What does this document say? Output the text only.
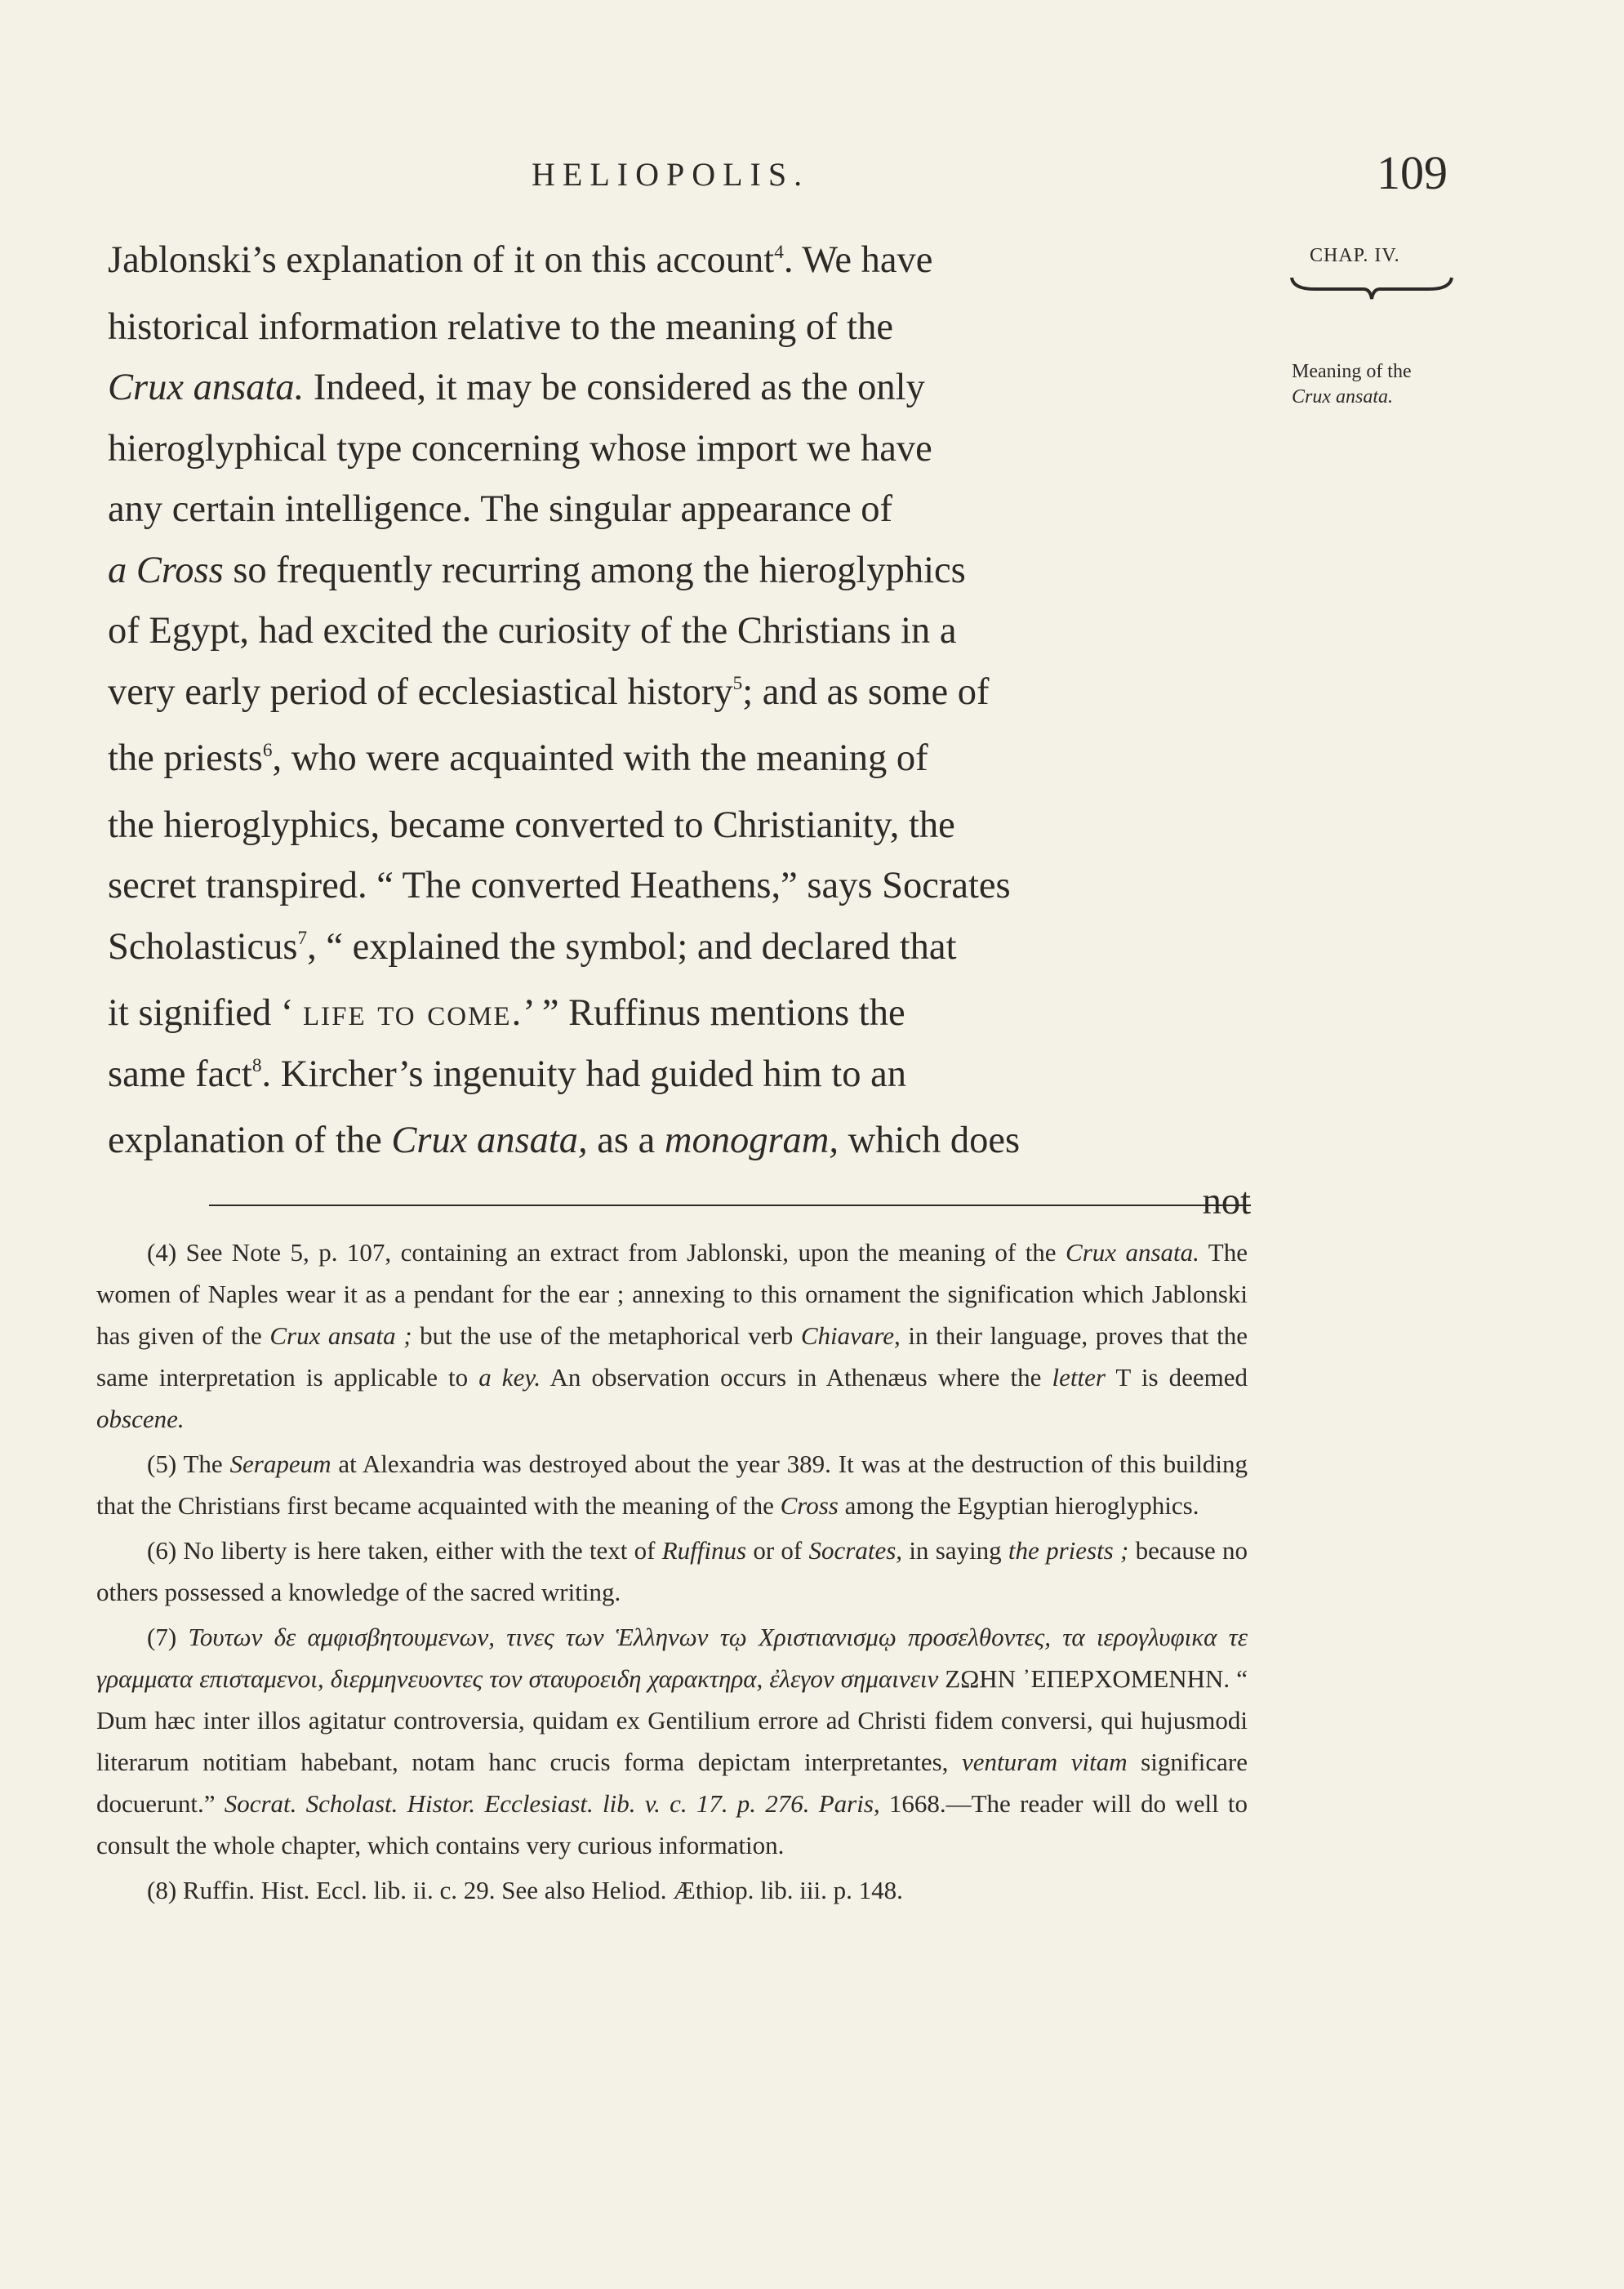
HELIOPOLIS.	109
CHAP. IV.
Meaning of the Crux ansata.
Jablonski’s explanation of it on this account$^4$. We have
historical information relative to the meaning of the
Crux ansata. Indeed, it may be considered as the only
hieroglyphical type concerning whose import we have
any certain intelligence. The singular appearance of
a Cross so frequently recurring among the hieroglyphics
of Egypt, had excited the curiosity of the Christians in a
very early period of ecclesiastical history$^5$; and as some of
the priests$^6$, who were acquainted with the meaning of
the hieroglyphics, became converted to Christianity, the
secret transpired. “ The converted Heathens,” says Socrates
Scholasticus$^7$, “ explained the symbol; and declared that
it signified ‘ life to come.’ ” Ruffinus mentions the
same fact$^8$. Kircher’s ingenuity had guided him to an
explanation of the Crux ansata, as a monogram, which does
not

(4) See Note 5, p. 107, containing an extract from Jablonski, upon the meaning of the Crux ansata. The women of Naples wear it as a pendant for the ear ; annexing to this ornament the signification which Jablonski has given of the Crux ansata ; but the use of the metaphorical verb Chiavare, in their language, proves that the same interpretation is applicable to a key. An observation occurs in Athenæus where the letter T is deemed obscene.

(5) The Serapeum at Alexandria was destroyed about the year 389. It was at the destruction of this building that the Christians first became acquainted with the meaning of the Cross among the Egyptian hieroglyphics.

(6) No liberty is here taken, either with the text of Ruffinus or of Socrates, in saying the priests ; because no others possessed a knowledge of the sacred writing.

(7) Τουτων δε αμφισβητουμενων, τινες των Ἑλληνων τῳ Χριστιανισμῳ προσελθοντες, τα ιερογλυφικα τε γραμματα επισταμενοι, διερμηνευοντες τον σταυροειδη χαρακτηρα, ἐλεγον σημαινειν ΖΩΗΝ ᾿ΕΠΕΡΧΟΜΕΝΗΝ. “ Dum hæc inter illos agitatur controversia, quidam ex Gentilium errore ad Christi fidem conversi, qui hujusmodi literarum notitiam habebant, notam hanc crucis forma depictam interpretantes, venturam vitam significare docuerunt.” Socrat. Scholast. Histor. Ecclesiast. lib. v. c. 17. p. 276. Paris, 1668.—The reader will do well to consult the whole chapter, which contains very curious information.

(8) Ruffin. Hist. Eccl. lib. ii. c. 29. See also Heliod. Æthiop. lib. iii. p. 148.
